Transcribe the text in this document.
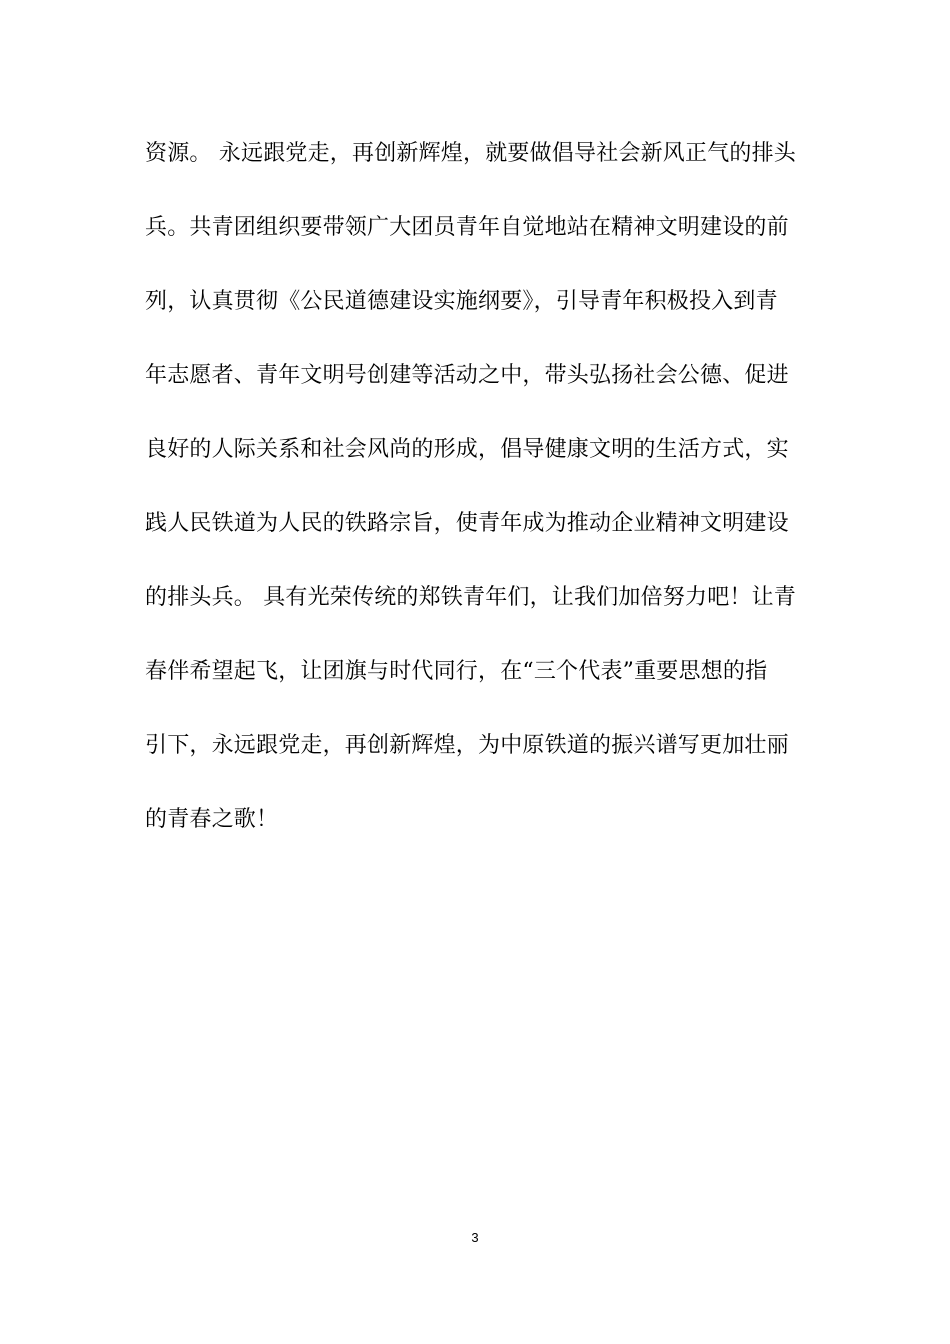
资源。 永远跟党走，再创新辉煌，就要做倡导社会新风正气的排头
兵。共青团组织要带领广大团员青年自觉地站在精神文明建设的前
列，认真贯彻《公民道德建设实施纲要》，引导青年积极投入到青
年志愿者、青年文明号创建等活动之中，带头弘扬社会公德、促进
良好的人际关系和社会风尚的形成，倡导健康文明的生活方式，实
践人民铁道为人民的铁路宗旨，使青年成为推动企业精神文明建设
的排头兵。 具有光荣传统的郑铁青年们，让我们加倍努力吧！让青
春伴希望起飞，让团旗与时代同行，在“三个代表”重要思想的指
引下，永远跟党走，再创新辉煌，为中原铁道的振兴谱写更加壮丽
的青春之歌！
3
